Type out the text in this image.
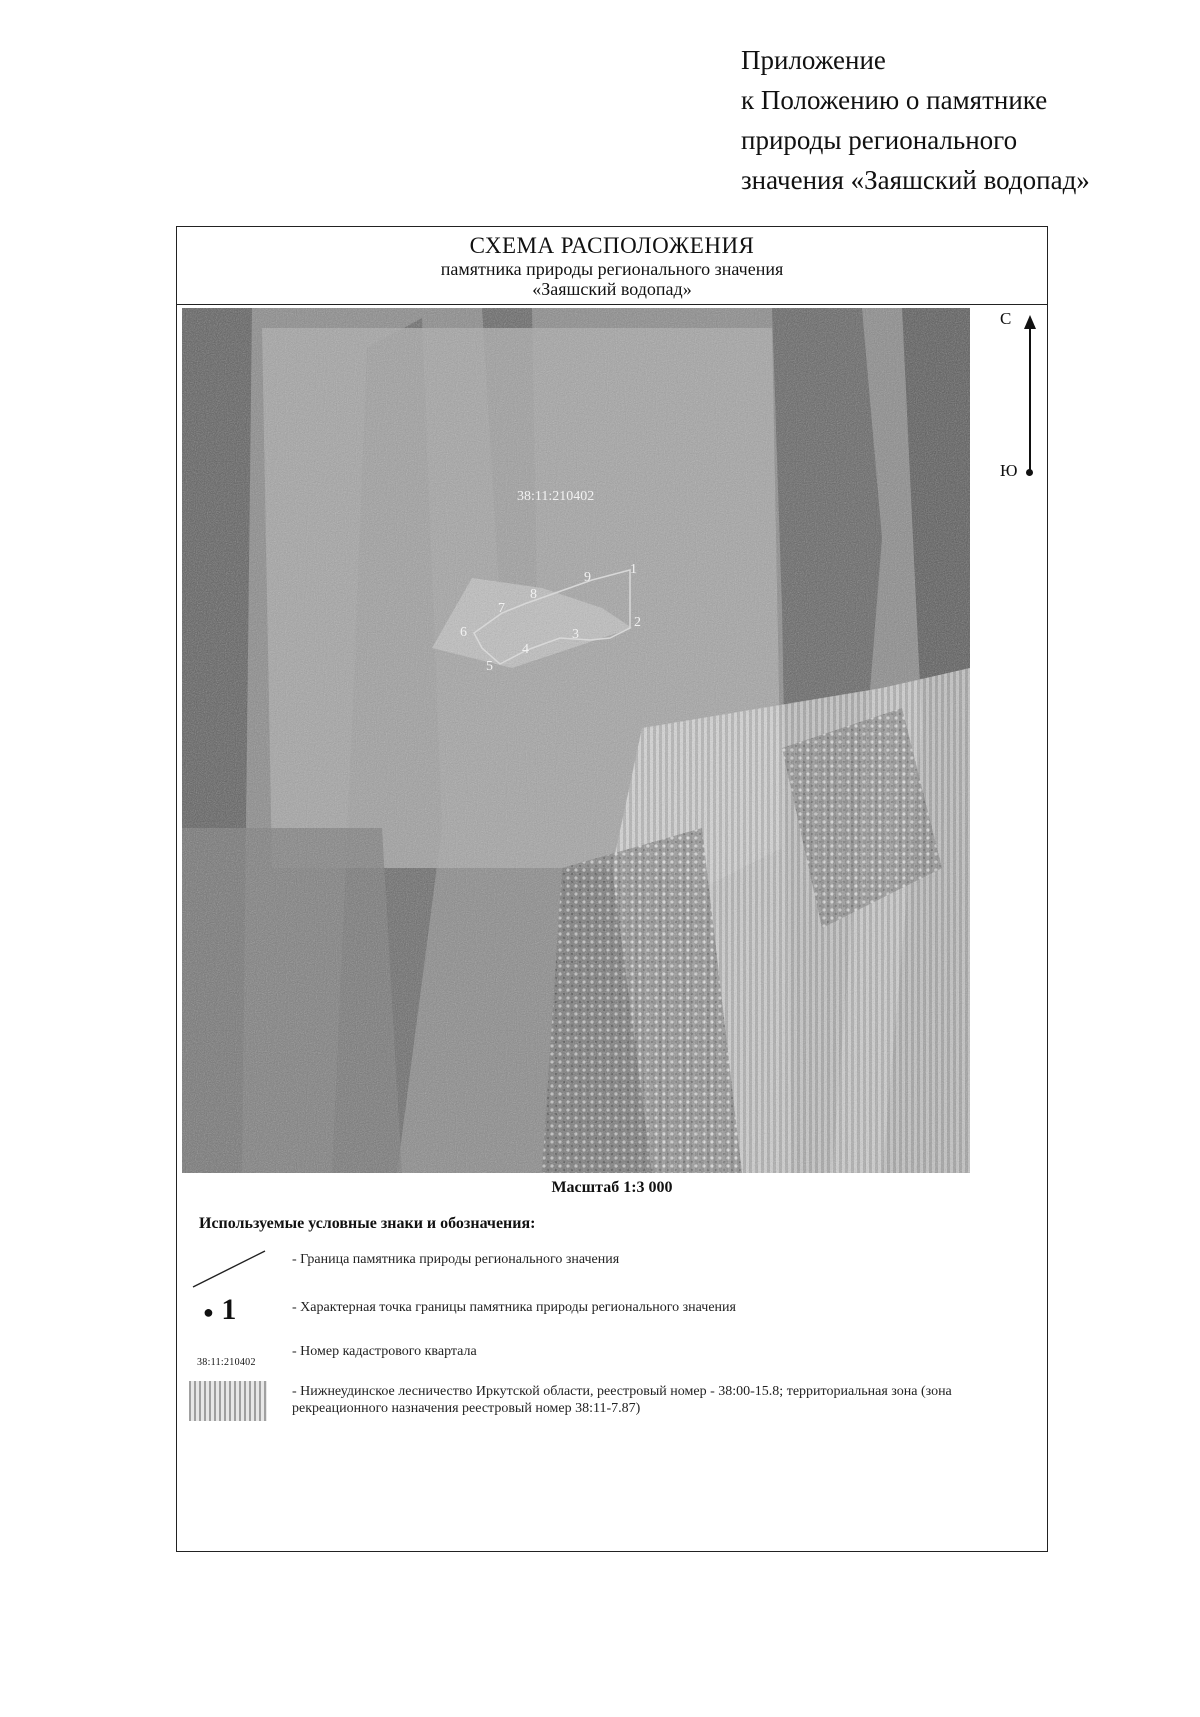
Приложение
к Положению о памятнике
природы регионального
значения «Заяшский водопад»
СХЕМА РАСПОЛОЖЕНИЯ
памятника природы регионального значения
«Заяшский водопад»
38:11:210402
1
2
3
4
5
6
7
8
9
С
Ю
Масштаб 1:3 000
Используемые условные знаки и обозначения:
- Граница памятника природы регионального значения
● 1	- Характерная точка границы памятника природы регионального значения
38:11:210402
- Номер кадастрового квартала
- Нижнеудинское лесничество Иркутской области, реестровый номер - 38:00-15.8; территориальная зона (зона рекреационного назначения реестровый номер 38:11-7.87)
